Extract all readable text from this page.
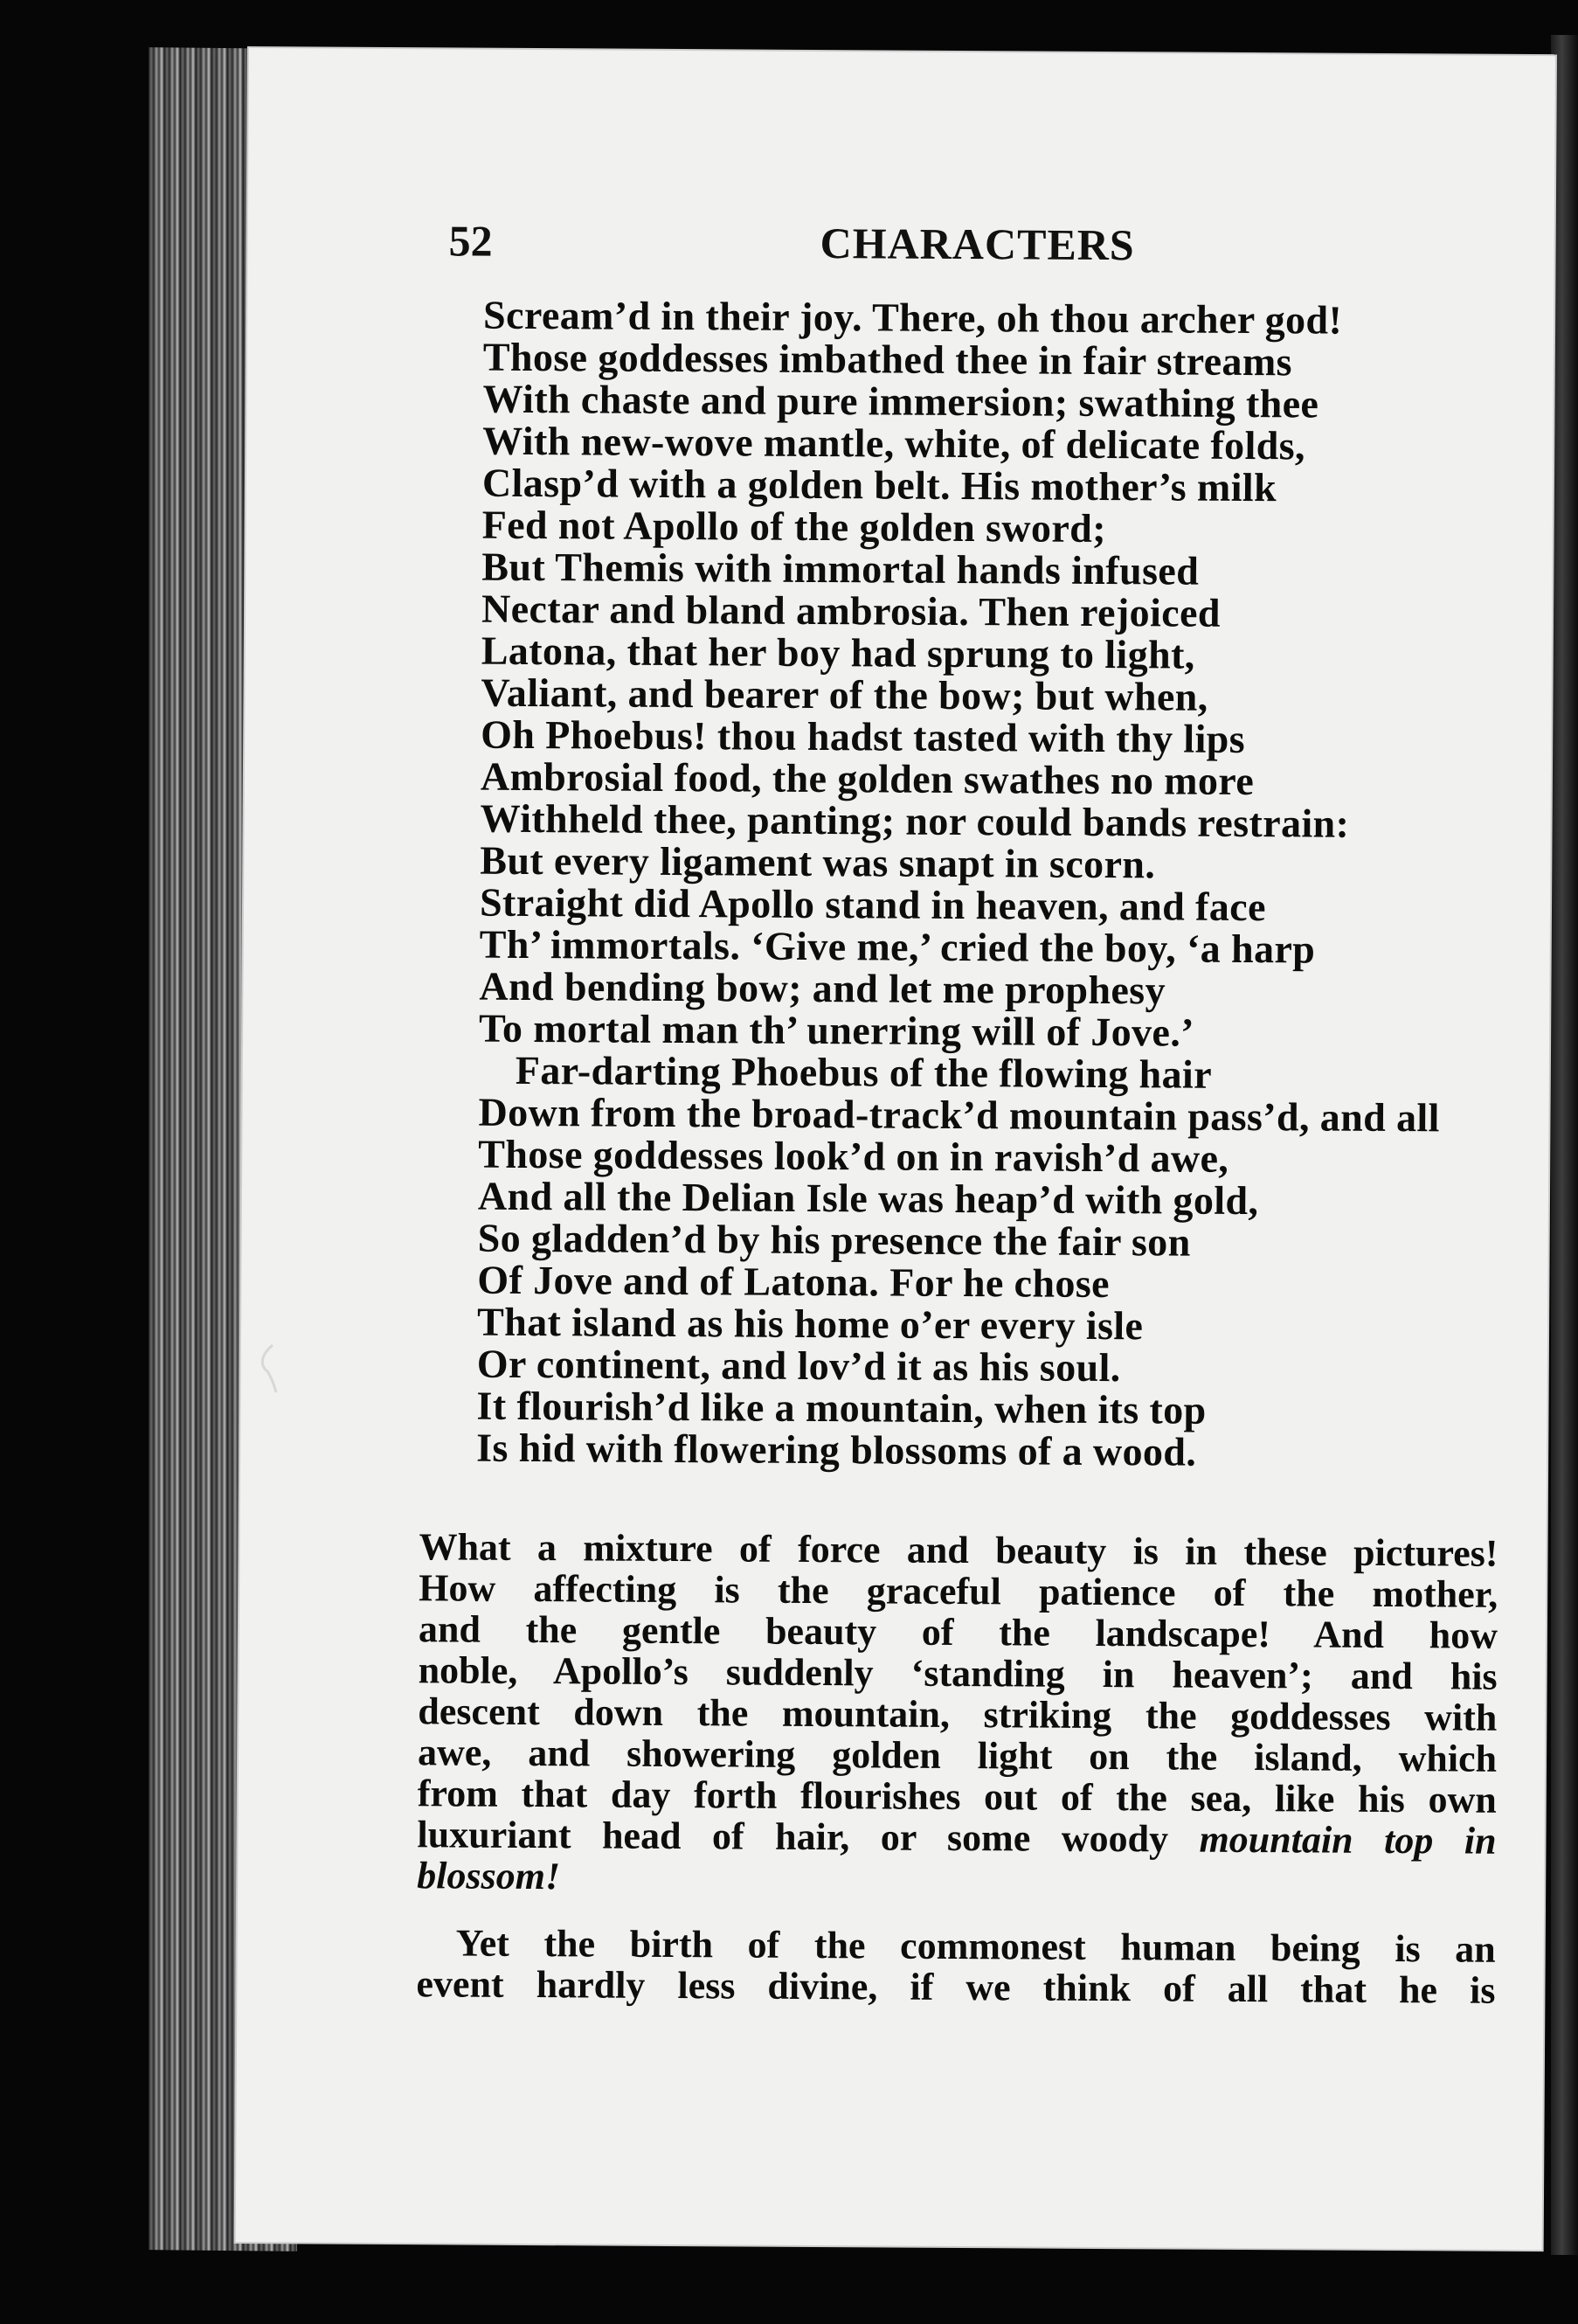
52	CHARACTERS
Scream’d in their joy. There, oh thou archer god!
Those goddesses imbathed thee in fair streams
With chaste and pure immersion; swathing thee
With new-wove mantle, white, of delicate folds,
Clasp’d with a golden belt. His mother’s milk
Fed not Apollo of the golden sword;
But Themis with immortal hands infused
Nectar and bland ambrosia. Then rejoiced
Latona, that her boy had sprung to light,
Valiant, and bearer of the bow; but when,
Oh Phoebus! thou hadst tasted with thy lips
Ambrosial food, the golden swathes no more
Withheld thee, panting; nor could bands restrain:
But every ligament was snapt in scorn.
Straight did Apollo stand in heaven, and face
Th’ immortals. ‘Give me,’ cried the boy, ‘a harp
And bending bow; and let me prophesy
To mortal man th’ unerring will of Jove.’
Far-darting Phoebus of the flowing hair
Down from the broad-track’d mountain pass’d, and all
Those goddesses look’d on in ravish’d awe,
And all the Delian Isle was heap’d with gold,
So gladden’d by his presence the fair son
Of Jove and of Latona. For he chose
That island as his home o’er every isle
Or continent, and lov’d it as his soul.
It flourish’d like a mountain, when its top
Is hid with flowering blossoms of a wood.
What a mixture of force and beauty is in these pictures!
How affecting is the graceful patience of the mother,
and the gentle beauty of the landscape! And how
noble, Apollo’s suddenly ‘standing in heaven’; and his
descent down the mountain, striking the goddesses with
awe, and showering golden light on the island, which
from that day forth flourishes out of the sea, like his own
luxuriant head of hair, or some woody mountain top in
blossom!
Yet the birth of the commonest human being is an
event hardly less divine, if we think of all that he is
